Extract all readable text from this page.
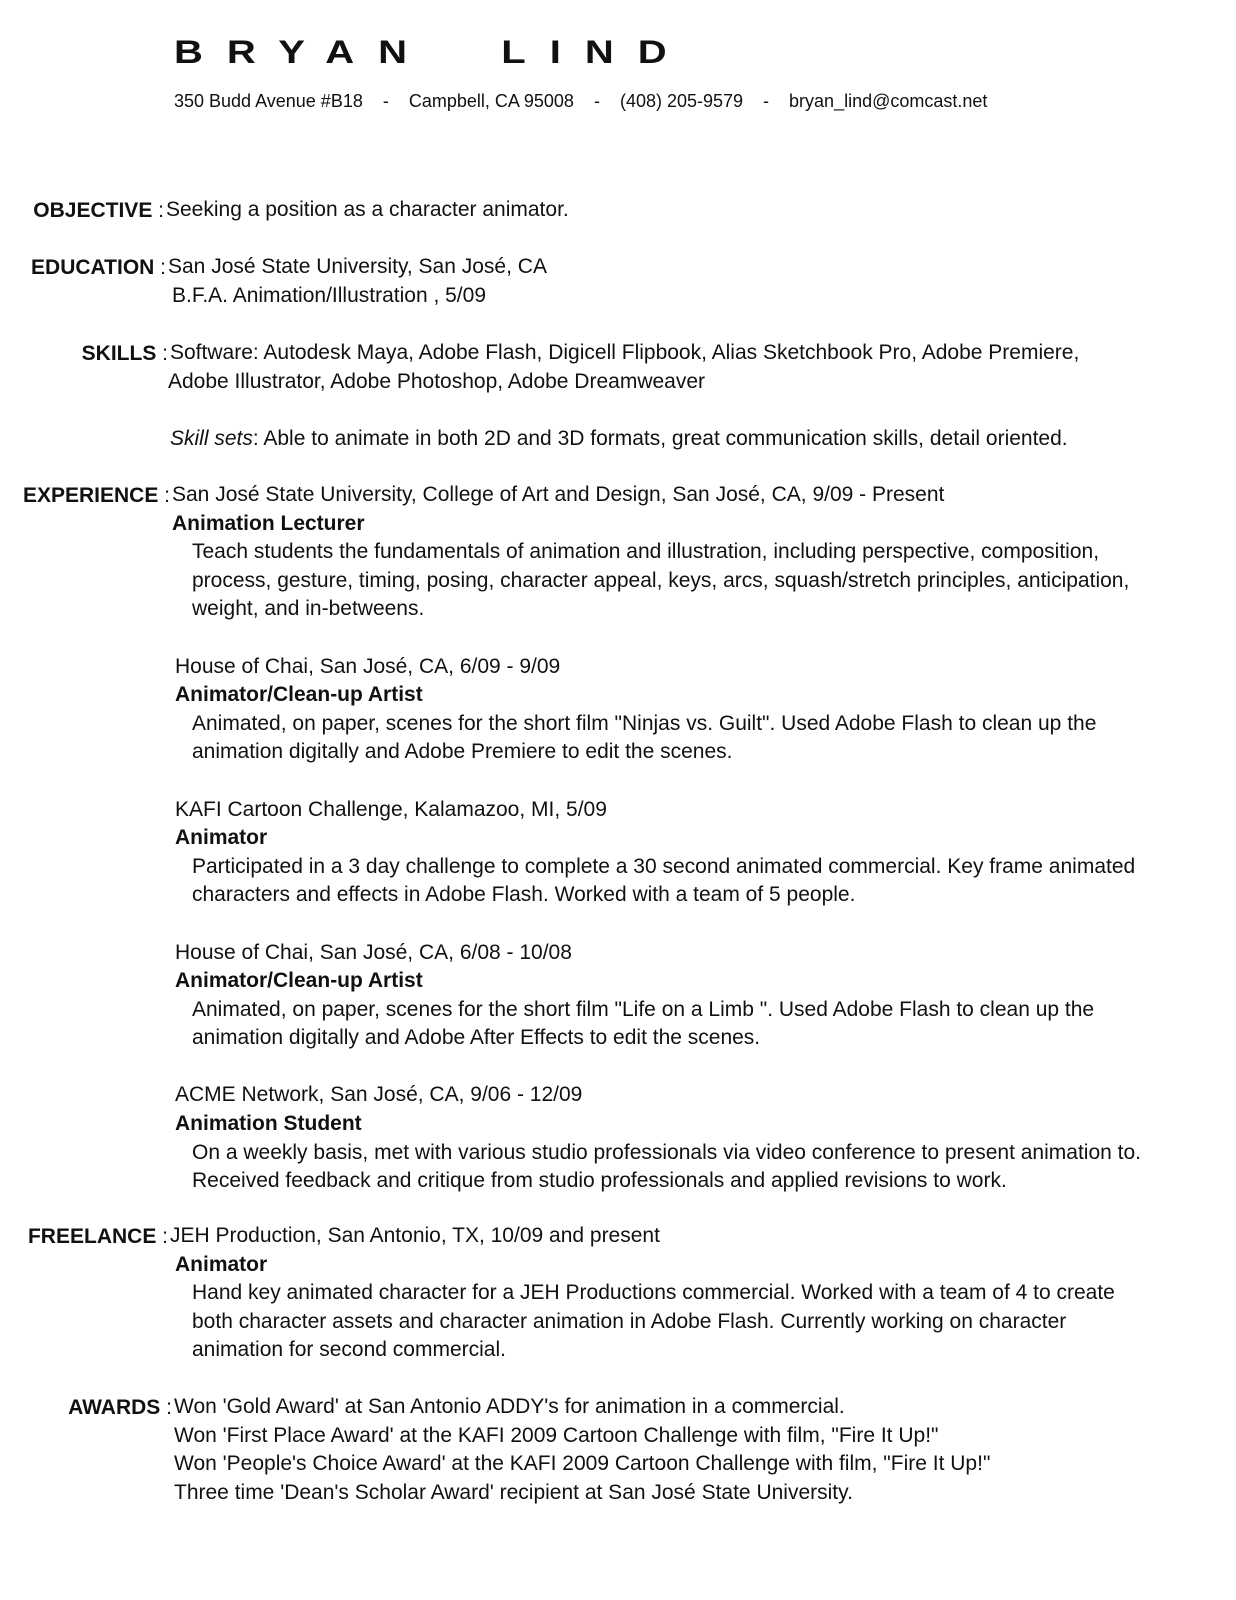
BRYAN  LIND
350 Budd Avenue #B18    -    Campbell, CA 95008    -    (408) 205-9579    -    bryan_lind@comcast.net
OBJECTIVE : Seeking a position as a character animator.
EDUCATION : San José State University, San José, CA
B.F.A. Animation/Illustration , 5/09
SKILLS : Software: Autodesk Maya, Adobe Flash, Digicell Flipbook, Alias Sketchbook Pro, Adobe Premiere,
Adobe Illustrator, Adobe Photoshop, Adobe Dreamweaver
Skill sets: Able to animate in both 2D and 3D formats, great communication skills, detail oriented.
EXPERIENCE : San José State University, College of Art and Design, San José, CA, 9/09 - Present
Animation Lecturer
Teach students the fundamentals of animation and illustration, including perspective, composition,
process, gesture, timing, posing, character appeal, keys, arcs, squash/stretch principles, anticipation,
weight, and in-betweens.
House of Chai, San José, CA, 6/09 - 9/09
Animator/Clean-up Artist
Animated, on paper, scenes for the short film "Ninjas vs. Guilt". Used Adobe Flash to clean up the
animation digitally and Adobe Premiere to edit the scenes.
KAFI Cartoon Challenge, Kalamazoo, MI, 5/09
Animator
Participated in a 3 day challenge to complete a 30 second animated commercial. Key frame animated
characters and effects in Adobe Flash. Worked with a team of 5 people.
House of Chai, San José, CA, 6/08 - 10/08
Animator/Clean-up Artist
Animated, on paper, scenes for the short film "Life on a Limb ". Used Adobe Flash to clean up the
animation digitally and Adobe After Effects to edit the scenes.
ACME Network, San José, CA, 9/06 - 12/09
Animation Student
On a weekly basis, met with various studio professionals via video conference to present animation to.
Received feedback and critique from studio professionals and applied revisions to work.
FREELANCE : JEH Production, San Antonio, TX, 10/09 and present
Animator
Hand key animated character for a JEH Productions commercial. Worked with a team of 4 to create
both character assets and character animation in Adobe Flash. Currently working on character
animation for second commercial.
AWARDS : Won 'Gold Award' at San Antonio ADDY's for animation in a commercial.
Won 'First Place Award' at the KAFI 2009 Cartoon Challenge with film, "Fire It Up!"
Won 'People's Choice Award' at the KAFI 2009 Cartoon Challenge with film, "Fire It Up!"
Three time 'Dean's Scholar Award' recipient at San José State University.
